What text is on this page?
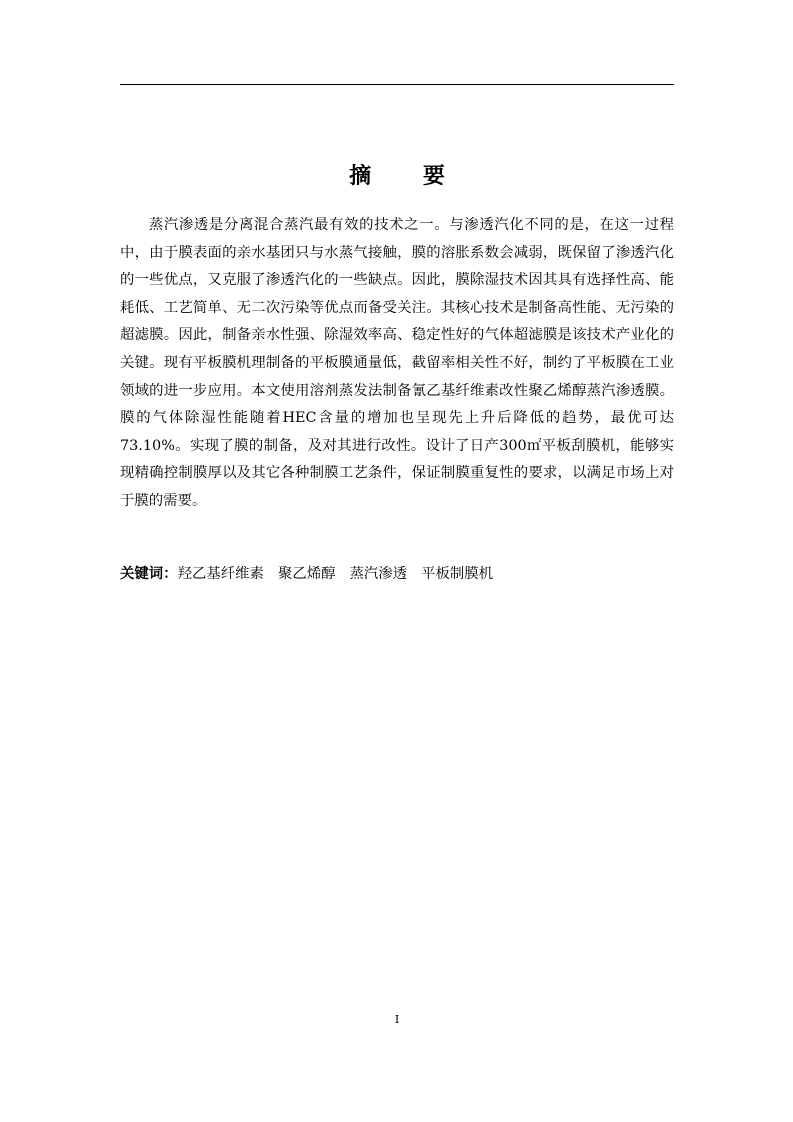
摘 要

蒸汽渗透是分离混合蒸汽最有效的技术之一。与渗透汽化不同的是，在这一过程中，由于膜表面的亲水基团只与水蒸气接触，膜的溶胀系数会减弱，既保留了渗透汽化的一些优点，又克服了渗透汽化的一些缺点。因此，膜除湿技术因其具有选择性高、能耗低、工艺简单、无二次污染等优点而备受关注。其核心技术是制备高性能、无污染的超滤膜。因此，制备亲水性强、除湿效率高、稳定性好的气体超滤膜是该技术产业化的关键。现有平板膜机理制备的平板膜通量低，截留率相关性不好，制约了平板膜在工业领域的进一步应用。本文使用溶剂蒸发法制备氰乙基纤维素改性聚乙烯醇蒸汽渗透膜。膜的气体除湿性能随着HEC含量的增加也呈现先上升后降低的趋势，最优可达73.10%。实现了膜的制备，及对其进行改性。设计了日产300㎡平板刮膜机，能够实现精确控制膜厚以及其它各种制膜工艺条件，保证制膜重复性的要求，以满足市场上对于膜的需要。

关键词：羟乙基纤维素 聚乙烯醇 蒸汽渗透 平板制膜机
I
